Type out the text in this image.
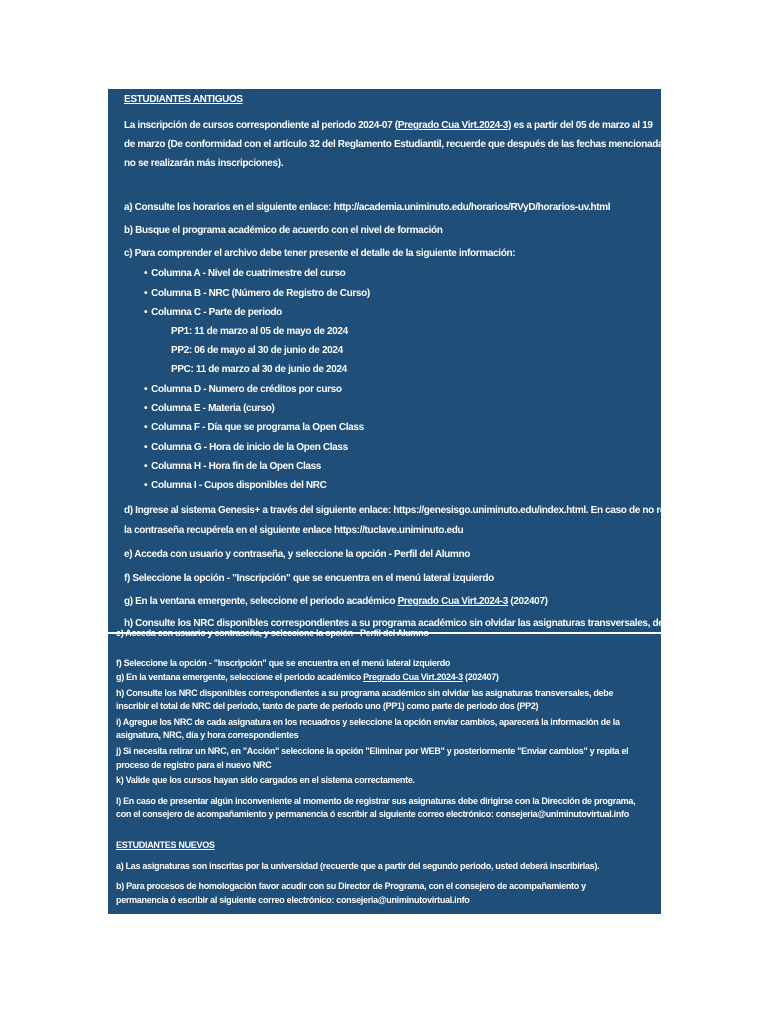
ESTUDIANTES ANTIGUOS
La inscripción de cursos correspondiente al periodo 2024-07 (Pregrado Cua Virt.2024-3) es a partir del 05 de marzo al 19
de marzo (De conformidad con el artículo 32 del Reglamento Estudiantil, recuerde que después de las fechas mencionadas,
no se realizarán más inscripciones).
a) Consulte los horarios en el siguiente enlace: http://academia.uniminuto.edu/horarios/RVyD/horarios-uv.html
b) Busque el programa académico de acuerdo con el nivel de formación
c) Para comprender el archivo debe tener presente el detalle de la siguiente información:
• Columna A - Nivel de cuatrimestre del curso
• Columna B - NRC (Número de Registro de Curso)
• Columna C - Parte de periodo
PP1: 11 de marzo al 05 de mayo de 2024
PP2: 06 de mayo al 30 de junio de 2024
PPC: 11 de marzo al 30 de junio de 2024
• Columna D - Numero de créditos por curso
• Columna E - Materia (curso)
• Columna F - Día que se programa la Open Class
• Columna G - Hora de inicio de la Open Class
• Columna H - Hora fin de la Open Class
• Columna I - Cupos disponibles del NRC
d) Ingrese al sistema Genesis+ a través del siguiente enlace: https://genesisgo.uniminuto.edu/index.html. En caso de no recordar
la contraseña recupérela en el siguiente enlace https://tuclave.uniminuto.edu
e) Acceda con usuario y contraseña, y seleccione la opción - Perfil del Alumno
f) Seleccione la opción - "Inscripción" que se encuentra en el menú lateral izquierdo
g) En la ventana emergente, seleccione el periodo académico Pregrado Cua Virt.2024-3 (202407)
h) Consulte los NRC disponibles correspondientes a su programa académico sin olvidar las asignaturas transversales, debe
e) Acceda con usuario y contraseña, y seleccione la opción - Perfil del Alumno
f) Seleccione la opción - "Inscripción" que se encuentra en el menú lateral izquierdo
g) En la ventana emergente, seleccione el periodo académico Pregrado Cua Virt.2024-3 (202407)
h) Consulte los NRC disponibles correspondientes a su programa académico sin olvidar las asignaturas transversales, debe
inscribir el total de NRC del periodo, tanto de parte de periodo uno (PP1) como parte de periodo dos (PP2)
i) Agregue los NRC de cada asignatura en los recuadros y seleccione la opción enviar cambios, aparecerá la información de la
asignatura, NRC, día y hora correspondientes
j) Si necesita retirar un NRC, en "Acción" seleccione la opción "Eliminar por WEB" y posteriormente "Enviar cambios" y repita el
proceso de registro para el nuevo NRC
k) Valide que los cursos hayan sido cargados en el sistema correctamente.
l) En caso de presentar algún inconveniente al momento de registrar sus asignaturas debe dirigirse con la Dirección de programa,
con el consejero de acompañamiento y permanencia ó escribir al siguiente correo electrónico: consejeria@uniminutovirtual.info
ESTUDIANTES NUEVOS
a) Las asignaturas son inscritas por la universidad (recuerde que a partir del segundo periodo, usted deberá inscribirlas).
b) Para procesos de homologación favor acudir con su Director de Programa, con el consejero de acompañamiento y
permanencia ó escribir al siguiente correo electrónico: consejeria@uniminutovirtual.info
